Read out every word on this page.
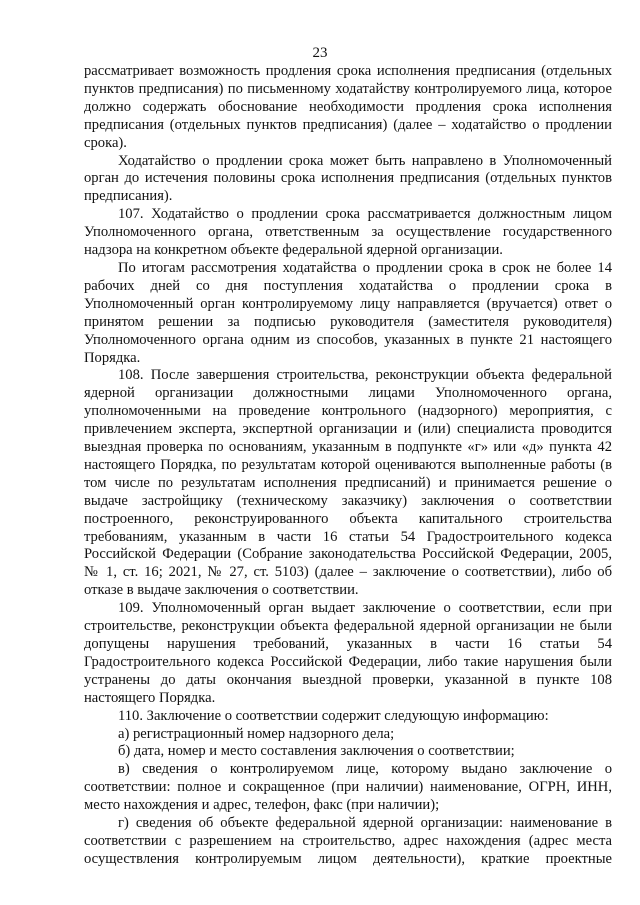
23

рассматривает возможность продления срока исполнения предписания (отдельных пунктов предписания) по письменному ходатайству контролируемого лица, которое должно содержать обоснование необходимости продления срока исполнения предписания (отдельных пунктов предписания) (далее – ходатайство о продлении срока).

Ходатайство о продлении срока может быть направлено в Уполномоченный орган до истечения половины срока исполнения предписания (отдельных пунктов предписания).

107. Ходатайство о продлении срока рассматривается должностным лицом Уполномоченного органа, ответственным за осуществление государственного надзора на конкретном объекте федеральной ядерной организации.

По итогам рассмотрения ходатайства о продлении срока в срок не более 14 рабочих дней со дня поступления ходатайства о продлении срока в Уполномоченный орган контролируемому лицу направляется (вручается) ответ о принятом решении за подписью руководителя (заместителя руководителя) Уполномоченного органа одним из способов, указанных в пункте 21 настоящего Порядка.

108. После завершения строительства, реконструкции объекта федеральной ядерной организации должностными лицами Уполномоченного органа, уполномоченными на проведение контрольного (надзорного) мероприятия, с привлечением эксперта, экспертной организации и (или) специалиста проводится выездная проверка по основаниям, указанным в подпункте «г» или «д» пункта 42 настоящего Порядка, по результатам которой оцениваются выполненные работы (в том числе по результатам исполнения предписаний) и принимается решение о выдаче застройщику (техническому заказчику) заключения о соответствии построенного, реконструированного объекта капитального строительства требованиям, указанным в части 16 статьи 54 Градостроительного кодекса Российской Федерации (Собрание законодательства Российской Федерации, 2005, № 1, ст. 16; 2021, № 27, ст. 5103) (далее – заключение о соответствии), либо об отказе в выдаче заключения о соответствии.

109. Уполномоченный орган выдает заключение о соответствии, если при строительстве, реконструкции объекта федеральной ядерной организации не были допущены нарушения требований, указанных в части 16 статьи 54 Градостроительного кодекса Российской Федерации, либо такие нарушения были устранены до даты окончания выездной проверки, указанной в пункте 108 настоящего Порядка.

110. Заключение о соответствии содержит следующую информацию:

а) регистрационный номер надзорного дела;

б) дата, номер и место составления заключения о соответствии;

в) сведения о контролируемом лице, которому выдано заключение о соответствии: полное и сокращенное (при наличии) наименование, ОГРН, ИНН, место нахождения и адрес, телефон, факс (при наличии);

г) сведения об объекте федеральной ядерной организации: наименование в соответствии с разрешением на строительство, адрес нахождения (адрес места осуществления контролируемым лицом деятельности), краткие проектные
